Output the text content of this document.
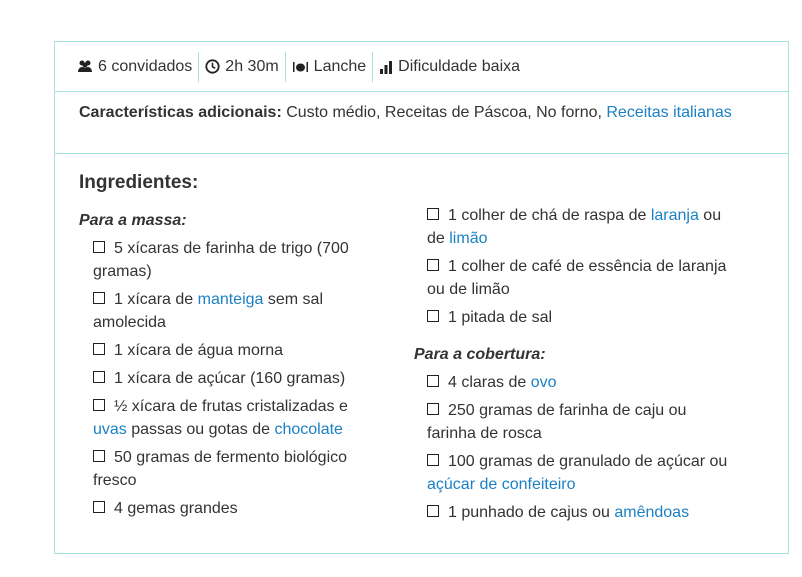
6 convidados 2h 30m Lanche Dificuldade baixa
Características adicionais: Custo médio, Receitas de Páscoa, No forno, Receitas italianas
Ingredientes:
Para a massa:
5 xícaras de farinha de trigo (700 gramas)
1 xícara de manteiga sem sal amolecida
1 xícara de água morna
1 xícara de açúcar (160 gramas)
½ xícara de frutas cristalizadas e uvas passas ou gotas de chocolate
50 gramas de fermento biológico fresco
4 gemas grandes
1 colher de chá de raspa de laranja ou de limão
1 colher de café de essência de laranja ou de limão
1 pitada de sal
Para a cobertura:
4 claras de ovo
250 gramas de farinha de caju ou farinha de rosca
100 gramas de granulado de açúcar ou açúcar de confeiteiro
1 punhado de cajus ou amêndoas
